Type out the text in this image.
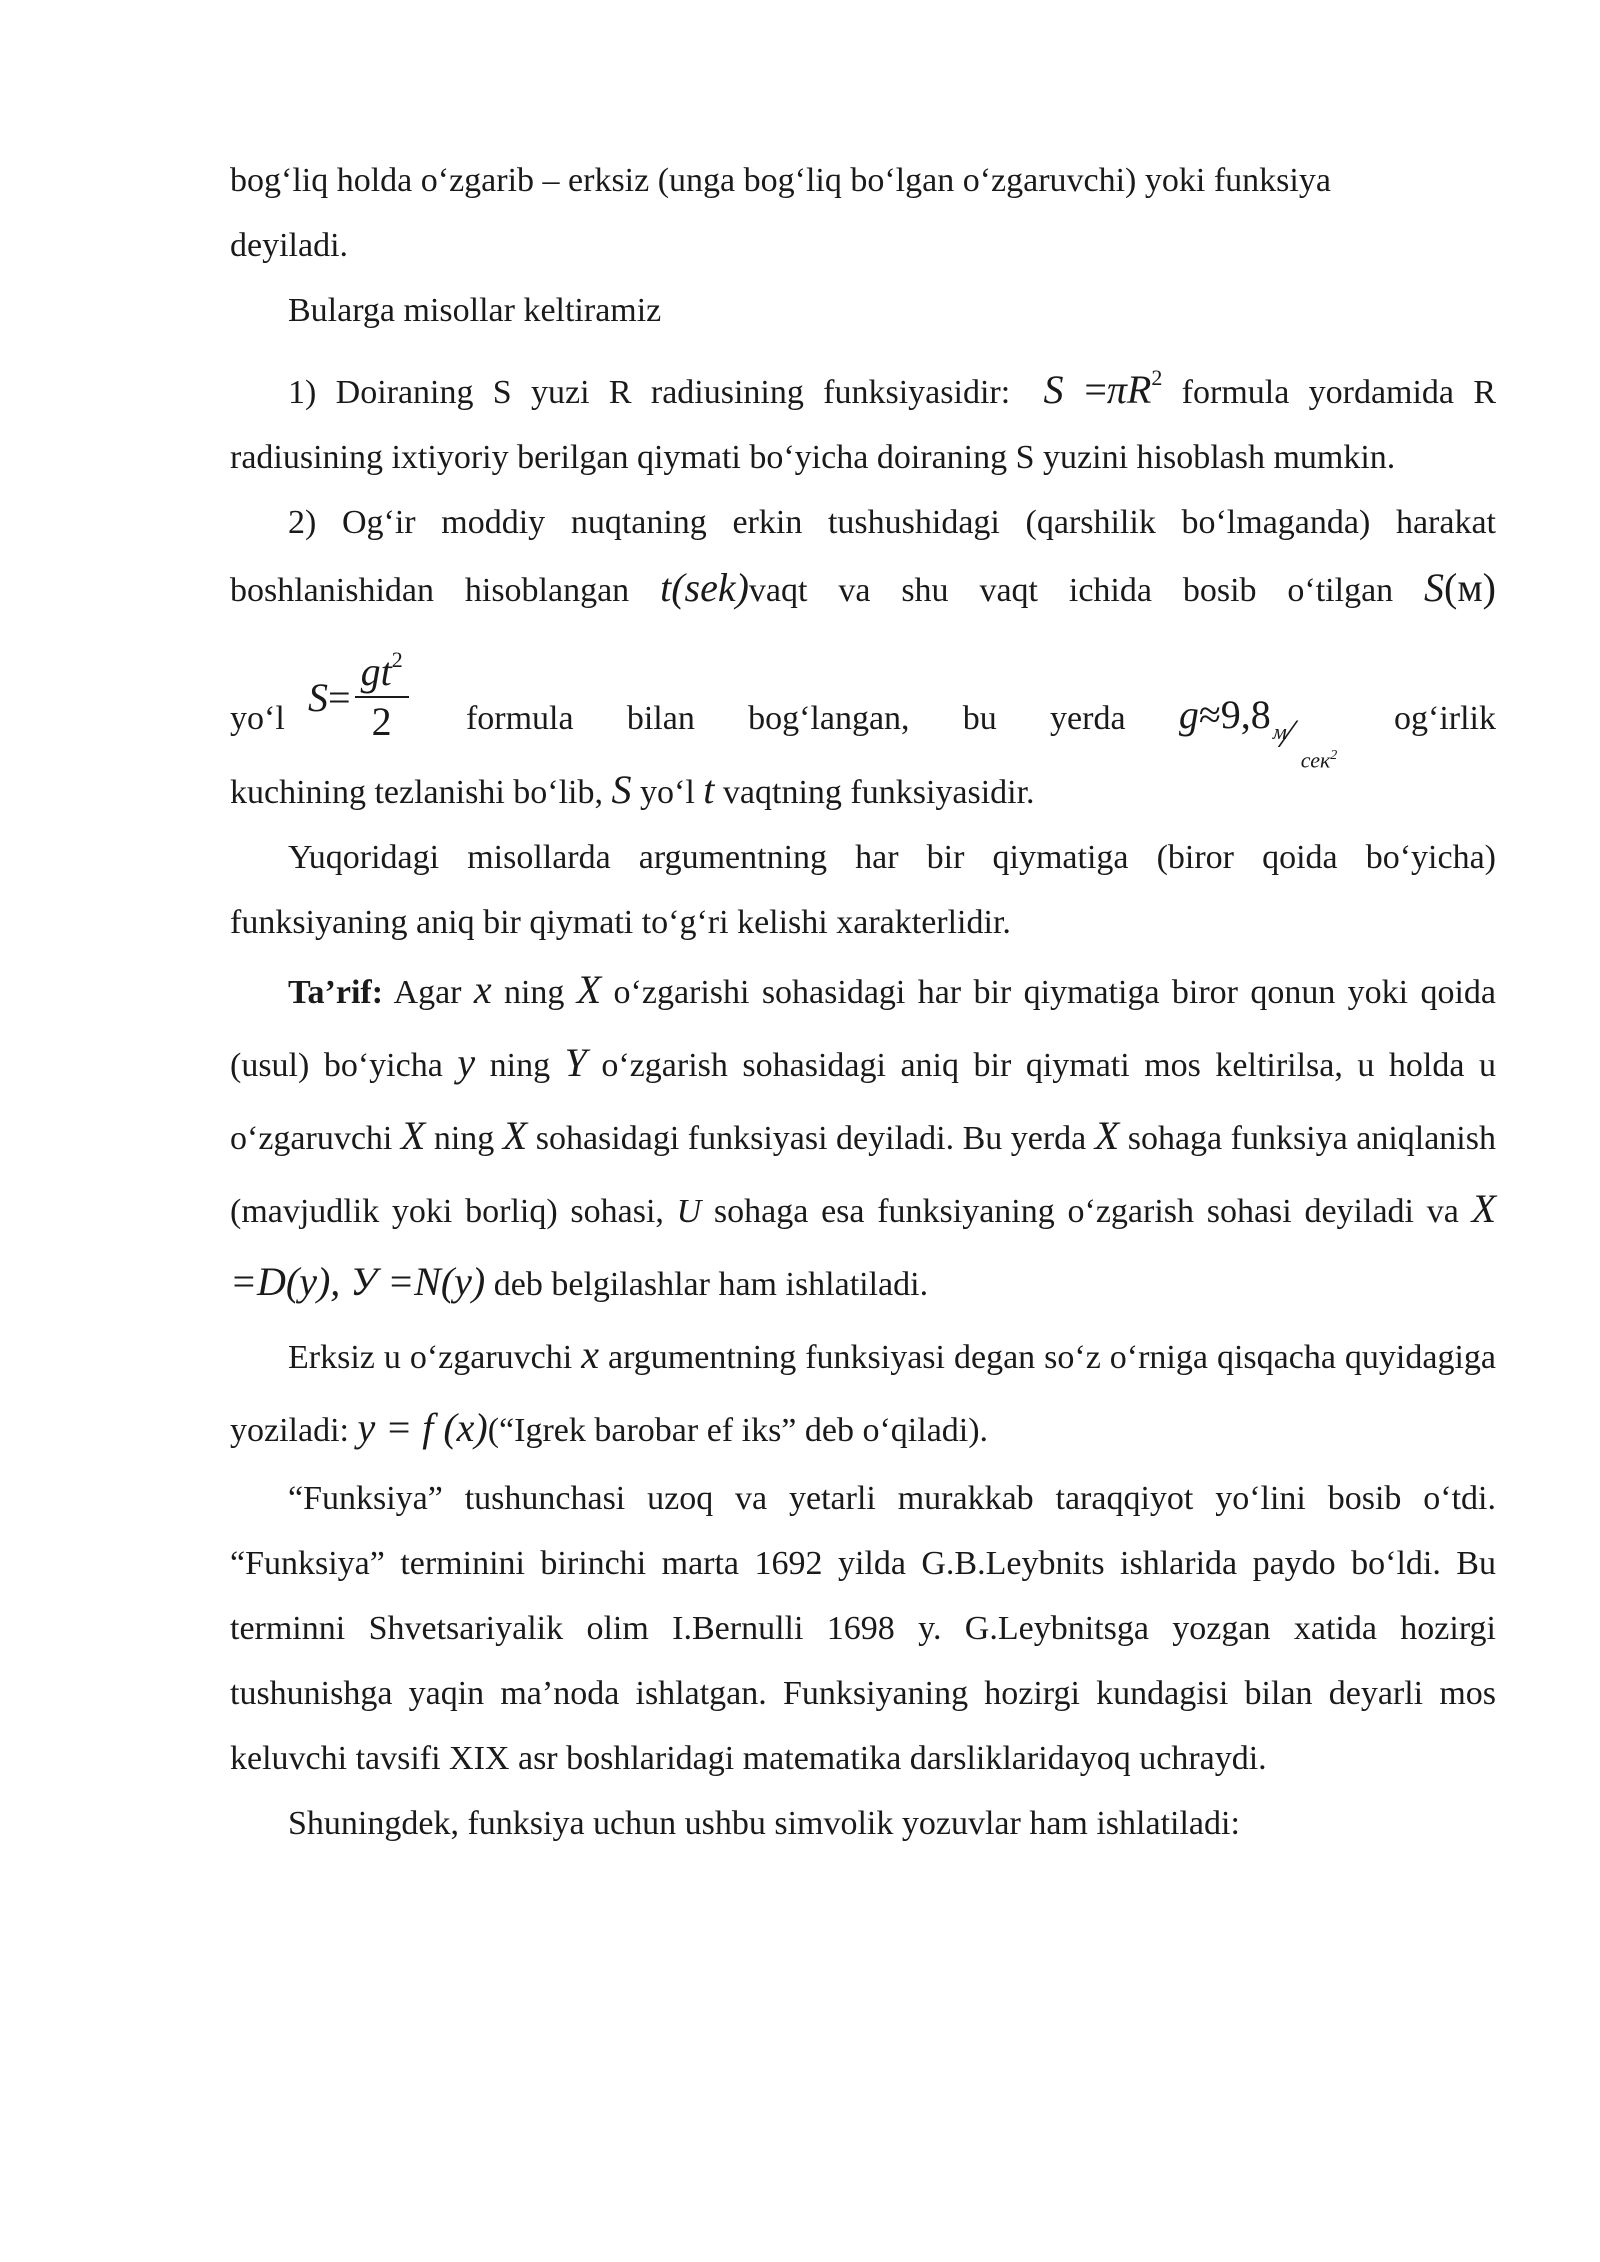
bog‘liq holda o‘zgarib – erksiz (unga bog‘liq bo‘lgan o‘zgaruvchi) yoki funksiya
deyiladi.

Bularga misollar keltiramiz

1) Doiraning S yuzi R radiusining funksiyasidir: $S =\pi R^2$ formula yordamida R radiusining ixtiyoriy berilgan qiymati bo‘yicha doiraning S yuzini hisoblash mumkin.

2) Og‘ir moddiy nuqtaning erkin tushushidagi (qarshilik bo‘lmaganda) harakat boshlanishidan hisoblangan t(sek)vaqt va shu vaqt ichida bosib o‘tilgan S(м)

yo‘l $S = \frac{gt^2}{2}$ formula bilan bog‘langan, bu yerda g ≈9,8 м
⁄
сек$^2$
og‘irlik

kuchining tezlanishi bo‘lib, S yo‘l t vaqtning funksiyasidir.

Yuqoridagi misollarda argumentning har bir qiymatiga (biror qoida bo‘yicha) funksiyaning aniq bir qiymati to‘g‘ri kelishi xarakterlidir.

Ta’rif: Agar x ning X o‘zgarishi sohasidagi har bir qiymatiga biror qonun yoki qoida (usul) bo‘yicha y ning Y o‘zgarish sohasidagi aniq bir qiymati mos keltirilsa, u holda u o‘zgaruvchi X ning X sohasidagi funksiyasi deyiladi. Bu yerda X sohaga funksiya aniqlanish (mavjudlik yoki borliq) sohasi, U sohaga esa funksiyaning o‘zgarish sohasi deyiladi va X =D(y), У =N(y) deb belgilashlar ham ishlatiladi.

Erksiz u o‘zgaruvchi x argumentning funksiyasi degan so‘z o‘rniga qisqacha quyidagiga yoziladi: y = f (x)(“Igrek barobar ef iks” deb o‘qiladi).

“Funksiya” tushunchasi uzoq va yetarli murakkab taraqqiyot yo‘lini bosib o‘tdi. “Funksiya” terminini birinchi marta 1692 yilda G.B.Leybnits ishlarida paydo bo‘ldi. Bu terminni Shvetsariyalik olim I.Bernulli 1698 y. G.Leybnitsga yozgan xatida hozirgi tushunishga yaqin ma’noda ishlatgan. Funksiyaning hozirgi kundagisi bilan deyarli mos keluvchi tavsifi XIX asr boshlaridagi matematika darsliklaridayoq uchraydi.

Shuningdek, funksiya uchun ushbu simvolik yozuvlar ham ishlatiladi:
